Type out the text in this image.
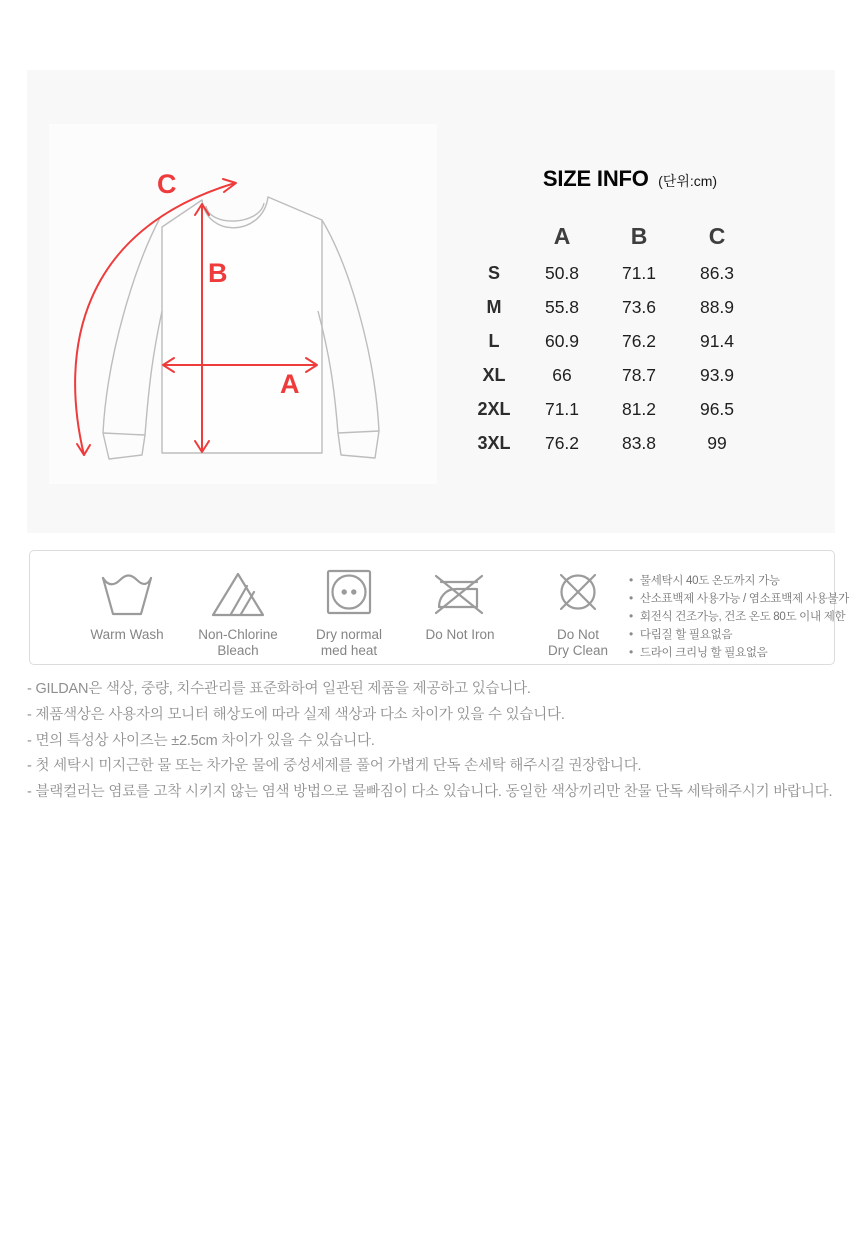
C
B
A
SIZE INFO (단위:cm)
A	B	C
S	50.8	71.1	86.3
M	55.8	73.6	88.9
L	60.9	76.2	91.4
XL	66	78.7	93.9
2XL	71.1	81.2	96.5
3XL	76.2	83.8	99
Warm Wash	Non-Chlorine
Bleach
Dry normal
med heat
Do Not Iron	Do Not
Dry Clean
• 물세탁시 40도 온도까지 가능
• 산소표백제 사용가능 / 염소표백제 사용불가
• 회전식 건조가능, 건조 온도 80도 이내 제한
• 다림질 할 필요없음
• 드라이 크리닝 할 필요없음

- GILDAN은 색상, 중량, 치수관리를 표준화하여 일관된 제품을 제공하고 있습니다.

- 제품색상은 사용자의 모니터 해상도에 따라 실제 색상과 다소 차이가 있을 수 있습니다.

- 면의 특성상 사이즈는 ±2.5cm 차이가 있을 수 있습니다.

- 첫 세탁시 미지근한 물 또는 차가운 물에 중성세제를 풀어 가볍게 단독 손세탁 해주시길 권장합니다.

- 블랙컬러는 염료를 고착 시키지 않는 염색 방법으로 물빠짐이 다소 있습니다. 동일한 색상끼리만 찬물 단독 세탁해주시기 바랍니다.
